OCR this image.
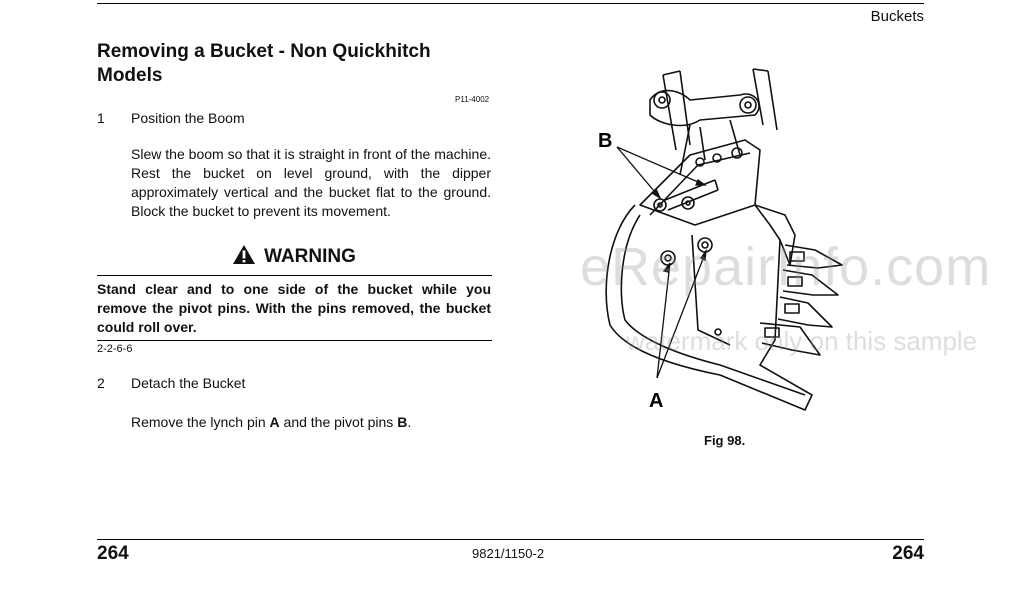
Buckets
Removing a Bucket - Non Quickhitch Models
P11-4002
1 Position the Boom
Slew the boom so that it is straight in front of the machine. Rest the bucket on level ground, with the dipper approximately vertical and the bucket flat to the ground. Block the bucket to prevent its movement.
WARNING
Stand clear and to one side of the bucket while you remove the pivot pins. With the pins removed, the bucket could roll over.
2-2-6-6
2 Detach the Bucket
Remove the lynch pin A and the pivot pins B.
B
A
eRepairInfo.com
watermark only on this sample
Fig 98.
264	9821/1150-2	264
